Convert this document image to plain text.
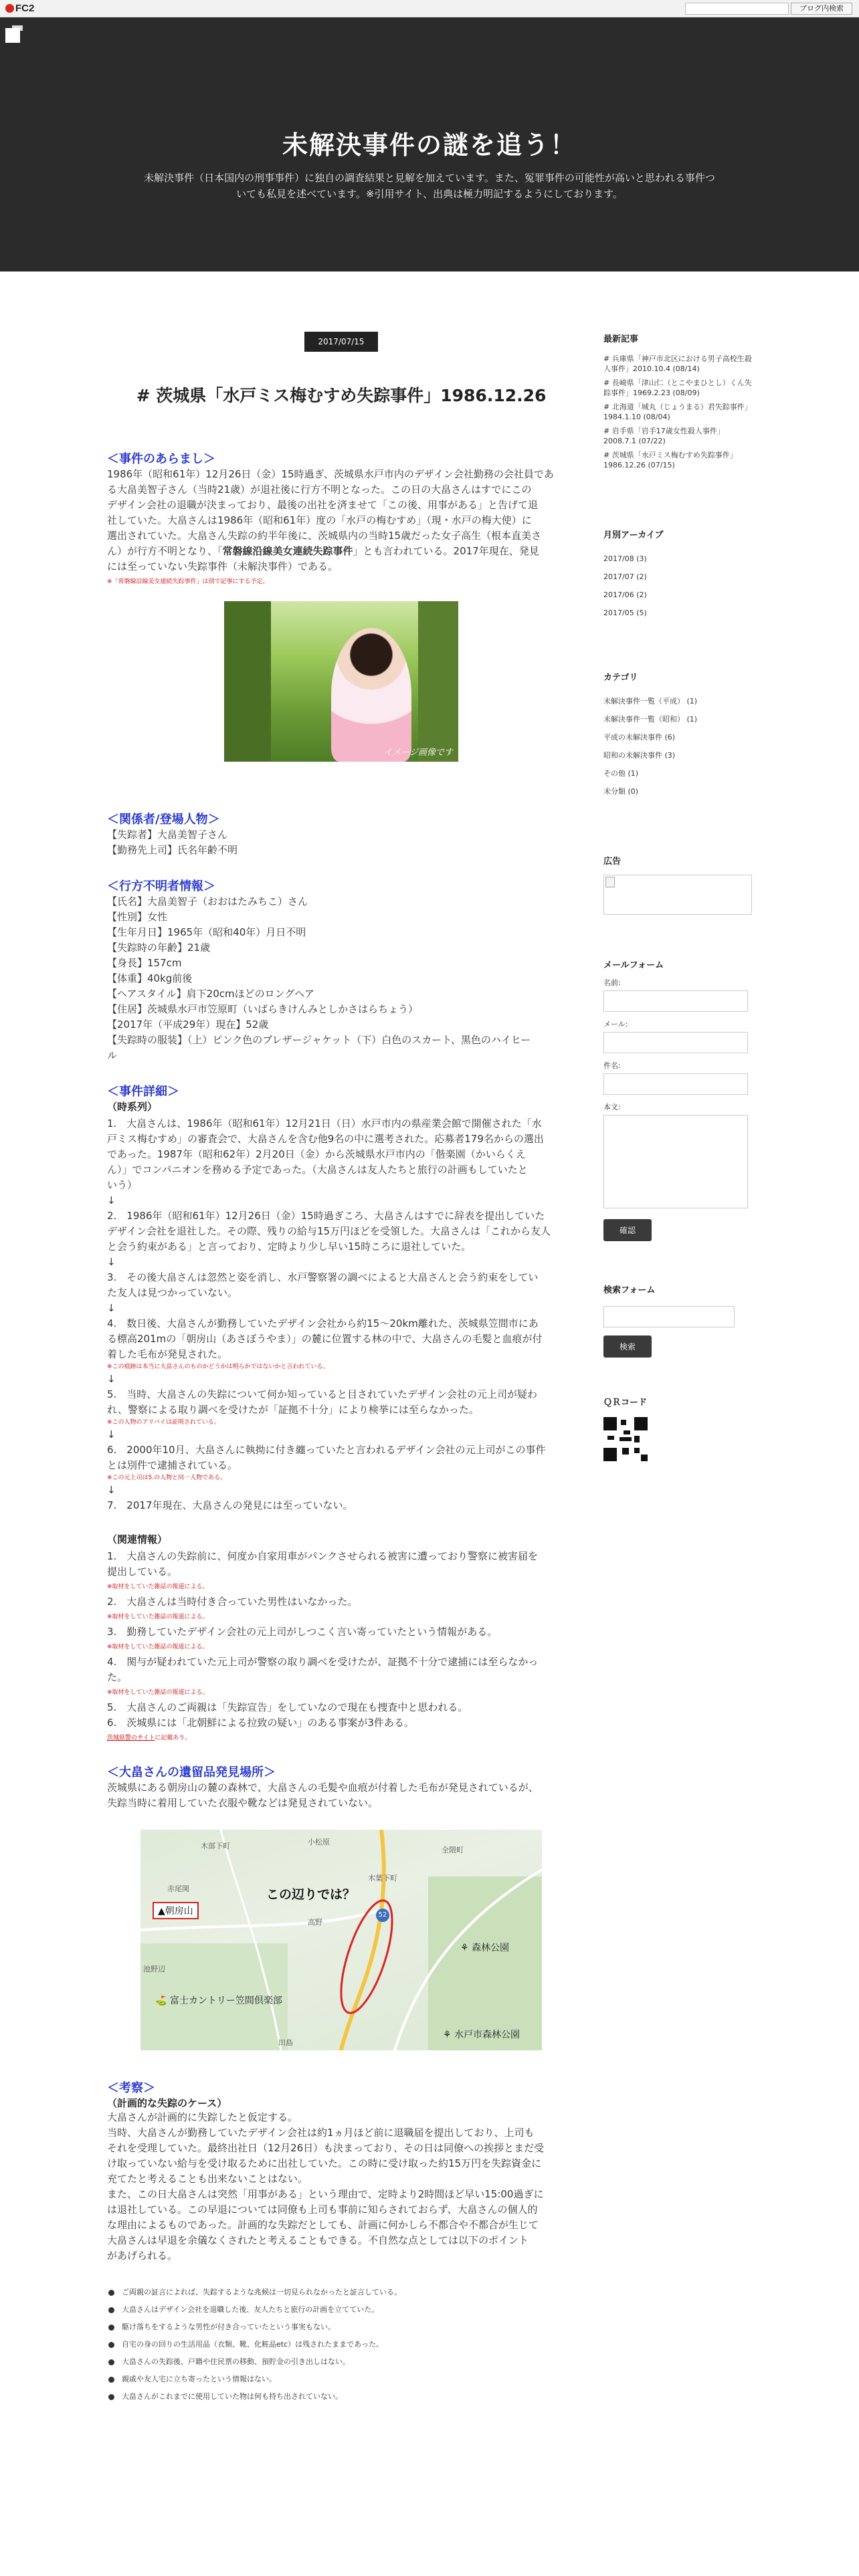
FC2	ブログ内検索
未解決事件の謎を追う！
未解決事件（日本国内の刑事事件）に独自の調査結果と見解を加えています。また、冤罪事件の可能性が高いと思われる事件つ
いても私見を述べています。※引用サイト、出典は極力明記するようにしております。
2017/07/15
# 茨城県「水戸ミス梅むすめ失踪事件」1986.12.26
＜事件のあらまし＞
1986年（昭和61年）12月26日（金）15時過ぎ、茨城県水戸市内のデザイン会社勤務の会社員であ
る大畠美智子さん（当時21歳）が退社後に行方不明となった。この日の大畠さんはすでにこの
デザイン会社の退職が決まっており、最後の出社を済ませて「この後、用事がある」と告げて退
社していた。大畠さんは1986年（昭和61年）度の「水戸の梅むすめ」（現・水戸の梅大使）に
選出されていた。大畠さん失踪の約半年後に、茨城県内の当時15歳だった女子高生（根本直美さ
ん）が行方不明となり、「常磐線沿線美女連続失踪事件」とも言われている。2017年現在、発見
には至っていない失踪事件（未解決事件）である。
※「常磐線沿線美女連続失踪事件」は別で記事にする予定。
イメージ画像です
＜関係者/登場人物＞
【失踪者】大畠美智子さん
【勤務先上司】氏名年齢不明
＜行方不明者情報＞
【氏名】大畠美智子（おおはたみちこ）さん
【性別】女性
【生年月日】1965年（昭和40年）月日不明
【失踪時の年齢】21歳
【身長】157cm
【体重】40kg前後
【ヘアスタイル】肩下20cmほどのロングヘア
【住居】茨城県水戸市笠原町（いばらきけんみとしかさはらちょう）
【2017年（平成29年）現在】52歳
【失踪時の服装】（上）ピンク色のブレザージャケット（下）白色のスカート、黒色のハイヒー
ル
＜事件詳細＞
（時系列）
1.　大畠さんは、1986年（昭和61年）12月21日（日）水戸市内の県産業会館で開催された「水
戸ミス梅むすめ」の審査会で、大畠さんを含む他9名の中に選考された。応募者179名からの選出
であった。1987年（昭和62年）2月20日（金）から茨城県水戸市内の「偕楽園（かいらくえ
ん）」でコンパニオンを務める予定であった。（大畠さんは友人たちと旅行の計画もしていたと
いう）
↓
2.　1986年（昭和61年）12月26日（金）15時過ぎころ、大畠さんはすでに辞表を提出していた
デザイン会社を退社した。その際、残りの給与15万円ほどを受領した。大畠さんは「これから友人
と会う約束がある」と言っており、定時より少し早い15時ころに退社していた。
↓
3.　その後大畠さんは忽然と姿を消し、水戸警察署の調べによると大畠さんと会う約束をしてい
た友人は見つかっていない。
↓
4.　数日後、大畠さんが勤務していたデザイン会社から約15〜20km離れた、茨城県笠間市にあ
る標高201mの「朝房山（あさぼうやま）」の麓に位置する林の中で、大畠さんの毛髪と血痕が付
着した毛布が発見された。
※この痕跡は本当に大畠さんのものかどうかは明らかではないかと言われている。
↓
5.　当時、大畠さんの失踪について何か知っていると目されていたデザイン会社の元上司が疑わ
れ、警察による取り調べを受けたが「証拠不十分」により検挙には至らなかった。
※この人物のアリバイは証明されている。
↓
6.　2000年10月、大畠さんに執拗に付き纏っていたと言われるデザイン会社の元上司がこの事件
とは別件で逮捕されている。
※この元上司は5.の人物と同一人物である。
↓
7.　2017年現在、大畠さんの発見には至っていない。
（関連情報）
1.　大畠さんの失踪前に、何度か自家用車がパンクさせられる被害に遭っており警察に被害届を
提出している。
※取材をしていた雑誌の報道による。
2.　大畠さんは当時付き合っていた男性はいなかった。
※取材をしていた雑誌の報道による。
3.　勤務していたデザイン会社の元上司がしつこく言い寄っていたという情報がある。
※取材をしていた雑誌の報道による。
4.　関与が疑われていた元上司が警察の取り調べを受けたが、証拠不十分で逮捕には至らなかっ
た。
※取材をしていた雑誌の報道による。
5.　大畠さんのご両親は「失踪宣告」をしていなので現在も捜査中と思われる。
6.　茨城県には「北朝鮮による拉致の疑い」のある事案が3件ある。
茨城県警のサイトに記載あり。
＜大畠さんの遺留品発見場所＞
茨城県にある朝房山の麓の森林で、大畠さんの毛髪や血痕が付着した毛布が発見されているが、
失踪当時に着用していた衣服や靴などは発見されていない。
この辺りでは？
▲朝房山
⛳ 富士カントリー笠間倶楽部
⚘ 森林公園
⚘ 水戸市森林公園
木部下町
木葉下町
全隈町
小松原
池野辺
高野
赤尾関
田島
52
＜考察＞
（計画的な失踪のケース）
大畠さんが計画的に失踪したと仮定する。
当時、大畠さんが勤務していたデザイン会社は約1ヵ月ほど前に退職届を提出しており、上司も
それを受理していた。最終出社日（12月26日）も決まっており、その日は同僚への挨拶とまだ受
け取っていない給与を受け取るために出社していた。この時に受け取った約15万円を失踪資金に
充てたと考えることも出来ないことはない。
また、この日大畠さんは突然「用事がある」という理由で、定時より2時間ほど早い15:00過ぎに
は退社している。この早退については同僚も上司も事前に知らされておらず、大畠さんの個人的
な理由によるものであった。計画的な失踪だとしても、計画に何かしら不都合や不都合が生じて
大畠さんは早退を余儀なくされたと考えることもできる。不自然な点としては以下のポイント
があげられる。
ご両親の証言によれば、失踪するような兆候は一切見られなかったと証言している。
大畠さんはデザイン会社を退職した後、友人たちと旅行の計画を立てていた。
駆け落ちをするような男性が付き合っていたという事実もない。
自宅の身の回りの生活用品（衣類、靴、化粧品etc）は残されたままであった。
大畠さんの失踪後、戸籍や住民票の移動、預貯金の引き出しはない。
親戚や友人宅に立ち寄ったという情報はない。
大畠さんがこれまでに使用していた物は何も持ち出されていない。
最新記事
# 兵庫県「神戸市北区における男子高校生殺人事件」2010.10.4 (08/14)
# 長崎県「津山仁（とこやまひとし）くん失踪事件」1969.2.23 (08/09)
# 北海道「城丸（じょうまる）君失踪事件」1984.1.10 (08/04)
# 岩手県「岩手17歳女性殺人事件」2008.7.1 (07/22)
# 茨城県「水戸ミス梅むすめ失踪事件」1986.12.26 (07/15)
月別アーカイブ
2017/08 (3)
2017/07 (2)
2017/06 (2)
2017/05 (5)
カテゴリ
未解決事件一覧（平成） (1)
未解決事件一覧（昭和） (1)
平成の未解決事件 (6)
昭和の未解決事件 (3)
その他 (1)
未分類 (0)
広告
メールフォーム
名前:
メール:
件名:
本文:
確認
検索フォーム
検索
ＱＲコード
